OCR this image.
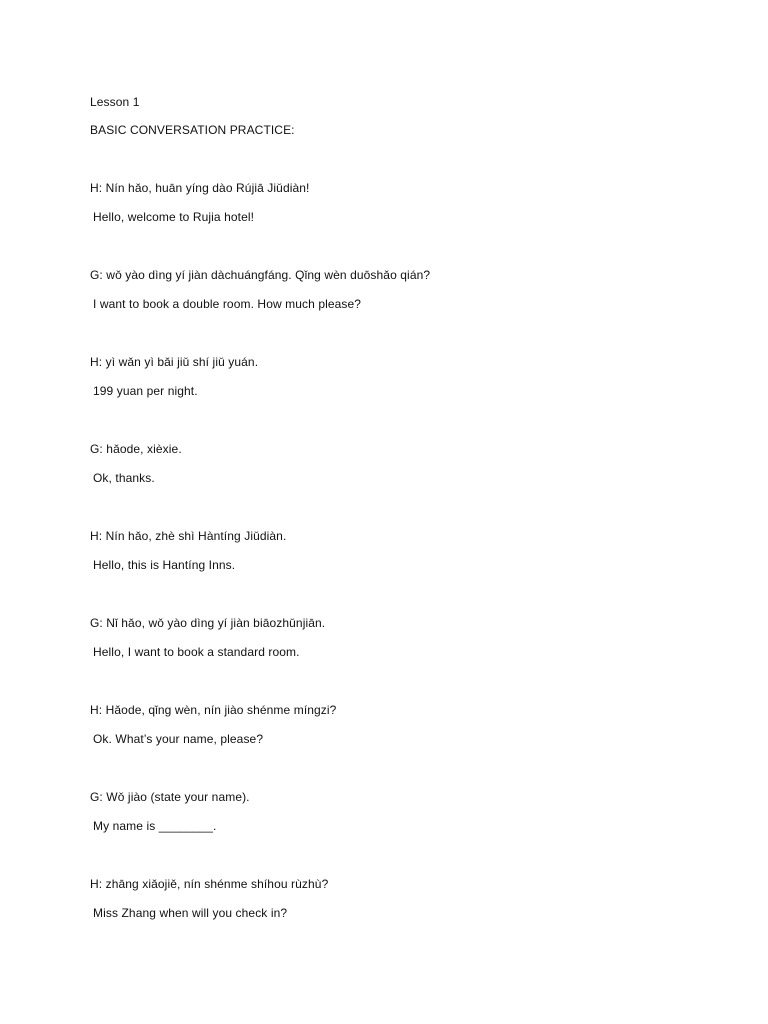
Lesson 1
BASIC CONVERSATION PRACTICE:
H: Nín hǎo, huān yíng dào Rújiā Jiǔdiàn!
Hello, welcome to Rujia hotel!
G: wǒ yào dìng yí jiàn dàchuángfáng. Qǐng wèn duōshǎo qián?
I want to book a double room. How much please?
H: yì wǎn yì bǎi jiǔ shí jiǔ yuán.
199 yuan per night.
G: hǎode, xièxie.
Ok, thanks.
H: Nín hǎo, zhè shì Hàntíng Jiǔdiàn.
Hello, this is Hantíng Inns.
G: Nǐ hǎo, wǒ yào dìng yí jiàn biāozhǔnjiān.
Hello, I want to book a standard room.
H: Hǎode, qǐng wèn, nín jiào shénme míngzi?
Ok. What’s your name, please?
G: Wǒ jiào (state your name).
My name is ________.
H: zhāng xiǎojiě, nín shénme shíhou rùzhù?
Miss Zhang when will you check in?
